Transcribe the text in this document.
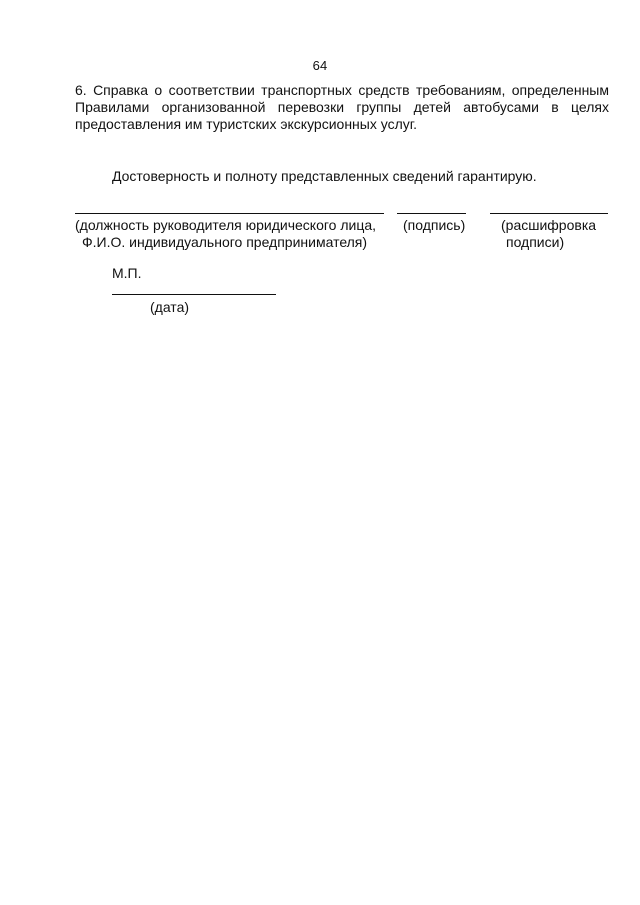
64
6. Справка о соответствии транспортных средств требованиям, определенным
Правилами организованной перевозки группы детей автобусами в целях
предоставления им туристских экскурсионных услуг.
Достоверность и полноту представленных сведений гарантирую.
(должность руководителя юридического лица,
Ф.И.О. индивидуального предпринимателя)
(подпись)	(расшифровка
подписи)
М.П.
(дата)
